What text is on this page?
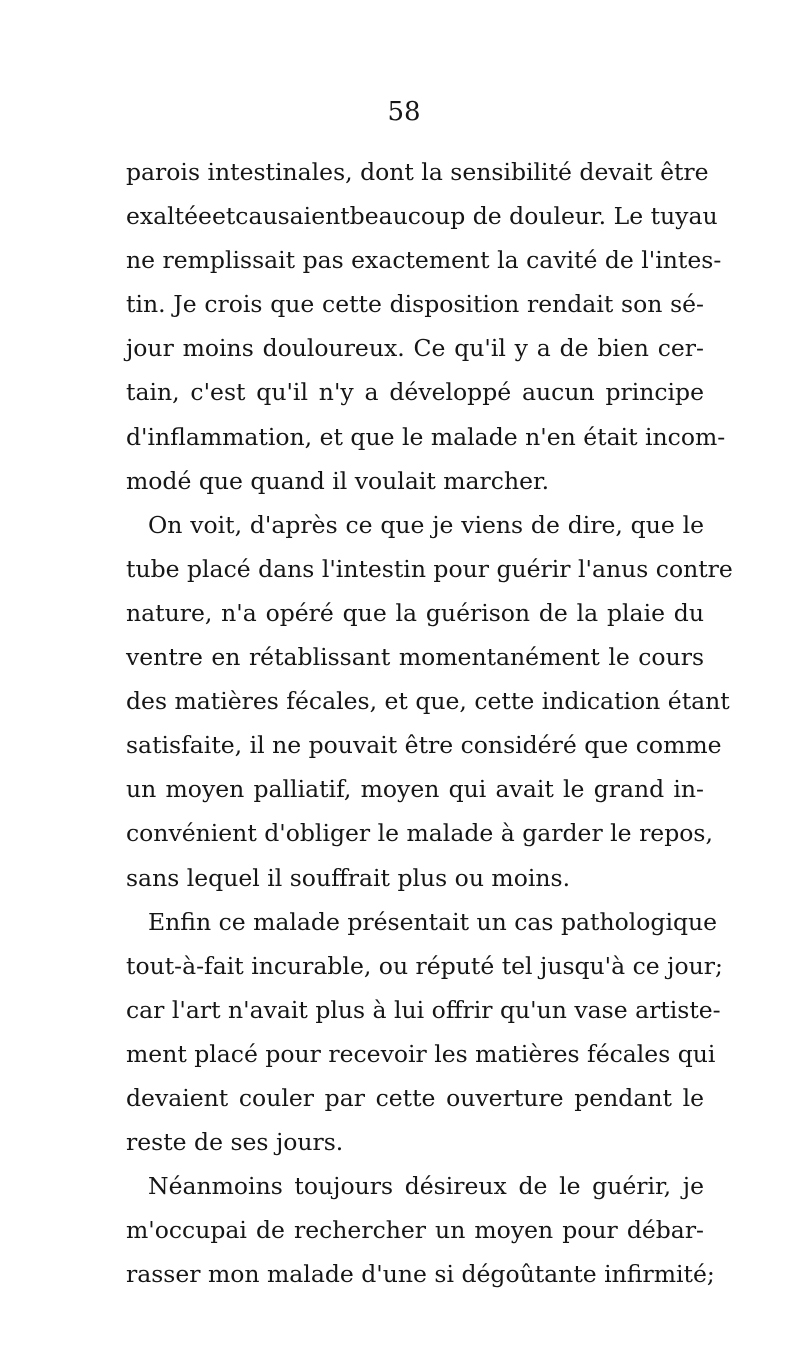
58
parois intestinales, dont la sensibilité devait être
exaltéeetcausaientbeaucoup de douleur. Le tuyau
ne remplissait pas exactement la cavité de l'intes-
tin. Je crois que cette disposition rendait son sé-
jour moins douloureux. Ce qu'il y a de bien cer-
tain, c'est qu'il n'y a développé aucun principe
d'inflammation, et que le malade n'en était incom-
modé que quand il voulait marcher.
On voit, d'après ce que je viens de dire, que le
tube placé dans l'intestin pour guérir l'anus contre
nature, n'a opéré que la guérison de la plaie du
ventre en rétablissant momentanément le cours
des matières fécales, et que, cette indication étant
satisfaite, il ne pouvait être considéré que comme
un moyen palliatif, moyen qui avait le grand in-
convénient d'obliger le malade à garder le repos,
sans lequel il souffrait plus ou moins.
Enfin ce malade présentait un cas pathologique
tout-à-fait incurable, ou réputé tel jusqu'à ce jour;
car l'art n'avait plus à lui offrir qu'un vase artiste-
ment placé pour recevoir les matières fécales qui
devaient couler par cette ouverture pendant le
reste de ses jours.
Néanmoins toujours désireux de le guérir, je
m'occupai de rechercher un moyen pour débar-
rasser mon malade d'une si dégoûtante infirmité;
